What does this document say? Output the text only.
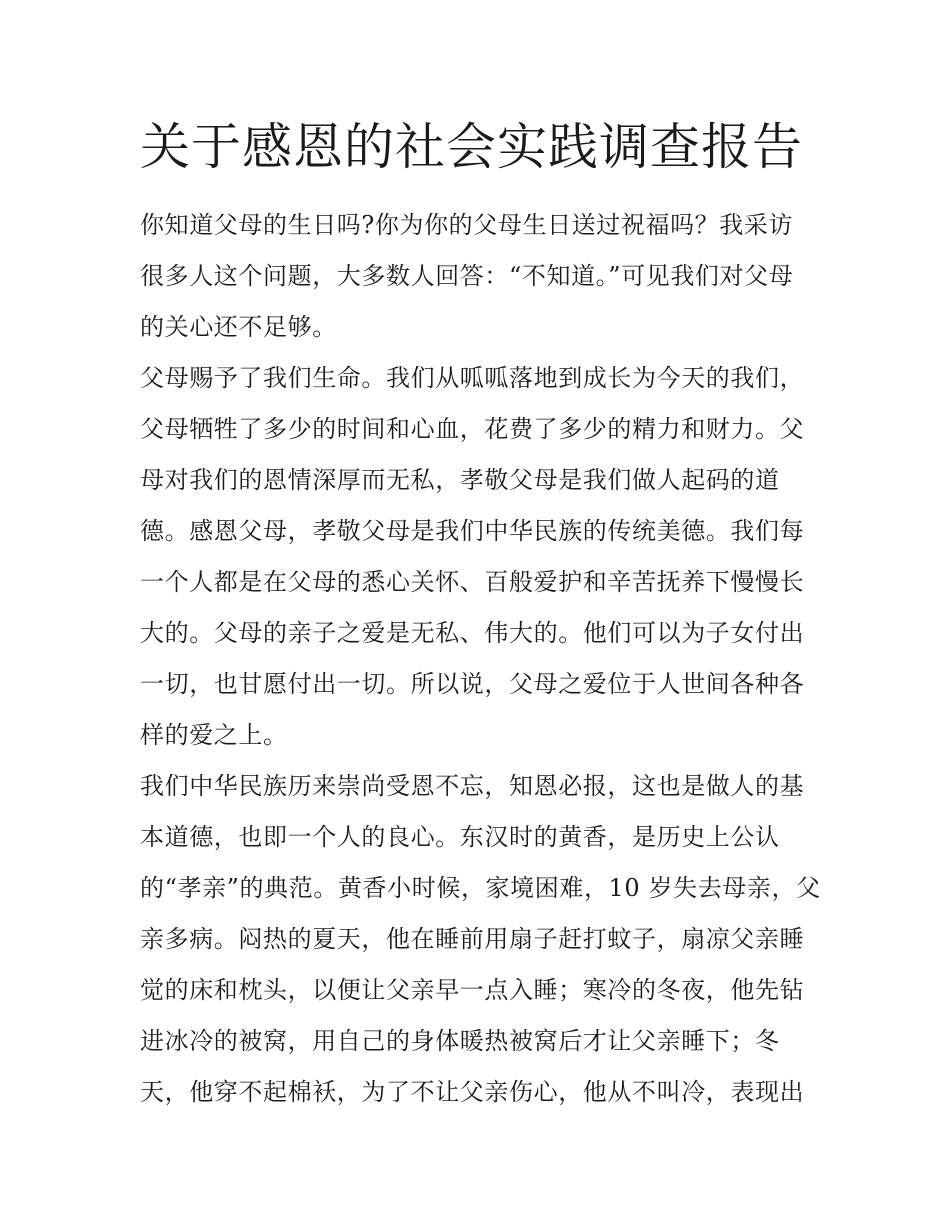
关于感恩的社会实践调查报告
你知道父母的生日吗?你为你的父母生日送过祝福吗？我采访
很多人这个问题，大多数人回答：“不知道。”可见我们对父母
的关心还不足够。
父母赐予了我们生命。我们从呱呱落地到成长为今天的我们，
父母牺牲了多少的时间和心血，花费了多少的精力和财力。父
母对我们的恩情深厚而无私，孝敬父母是我们做人起码的道
德。感恩父母，孝敬父母是我们中华民族的传统美德。我们每
一个人都是在父母的悉心关怀、百般爱护和辛苦抚养下慢慢长
大的。父母的亲子之爱是无私、伟大的。他们可以为子女付出
一切，也甘愿付出一切。所以说，父母之爱位于人世间各种各
样的爱之上。
我们中华民族历来崇尚受恩不忘，知恩必报，这也是做人的基
本道德，也即一个人的良心。东汉时的黄香，是历史上公认
的“孝亲”的典范。黄香小时候，家境困难，10 岁失去母亲，父
亲多病。闷热的夏天，他在睡前用扇子赶打蚊子，扇凉父亲睡
觉的床和枕头，以便让父亲早一点入睡；寒冷的冬夜，他先钻
进冰冷的被窝，用自己的身体暖热被窝后才让父亲睡下；冬
天，他穿不起棉袄，为了不让父亲伤心，他从不叫冷，表现出
